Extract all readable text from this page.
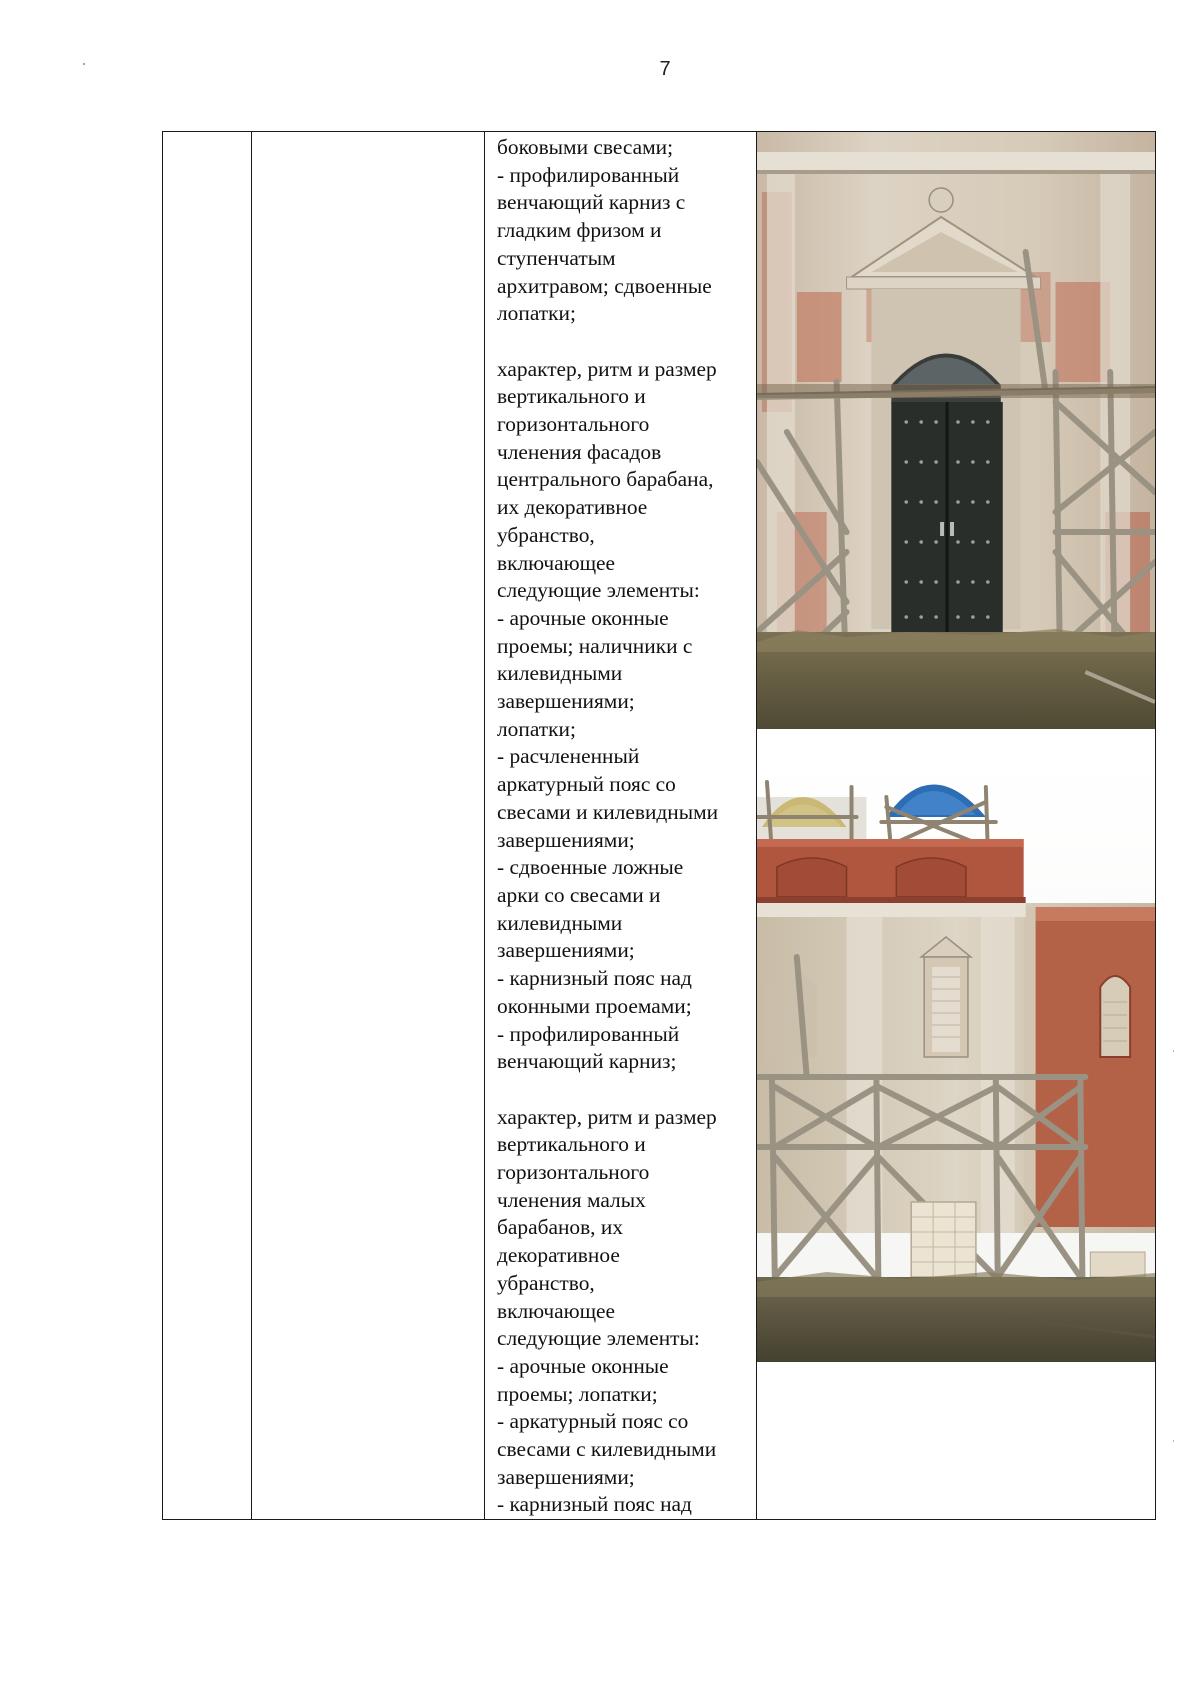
7
боковыми свесами;
- профилированный
венчающий карниз с
гладким фризом и
ступенчатым
архитравом; сдвоенные
лопатки;

характер, ритм и размер
вертикального и
горизонтального
членения фасадов
центрального барабана,
их декоративное
убранство,
включающее
следующие элементы:
- арочные оконные
проемы; наличники с
килевидными
завершениями;
лопатки;
- расчлененный
аркатурный пояс со
свесами и килевидными
завершениями;
- сдвоенные ложные
арки со свесами и
килевидными
завершениями;
- карнизный пояс над
оконными проемами;
- профилированный
венчающий карниз;

характер, ритм и размер
вертикального и
горизонтального
членения малых
барабанов, их
декоративное
убранство,
включающее
следующие элементы:
- арочные оконные
проемы; лопатки;
- аркатурный пояс со
свесами с килевидными
завершениями;
- карнизный пояс над
